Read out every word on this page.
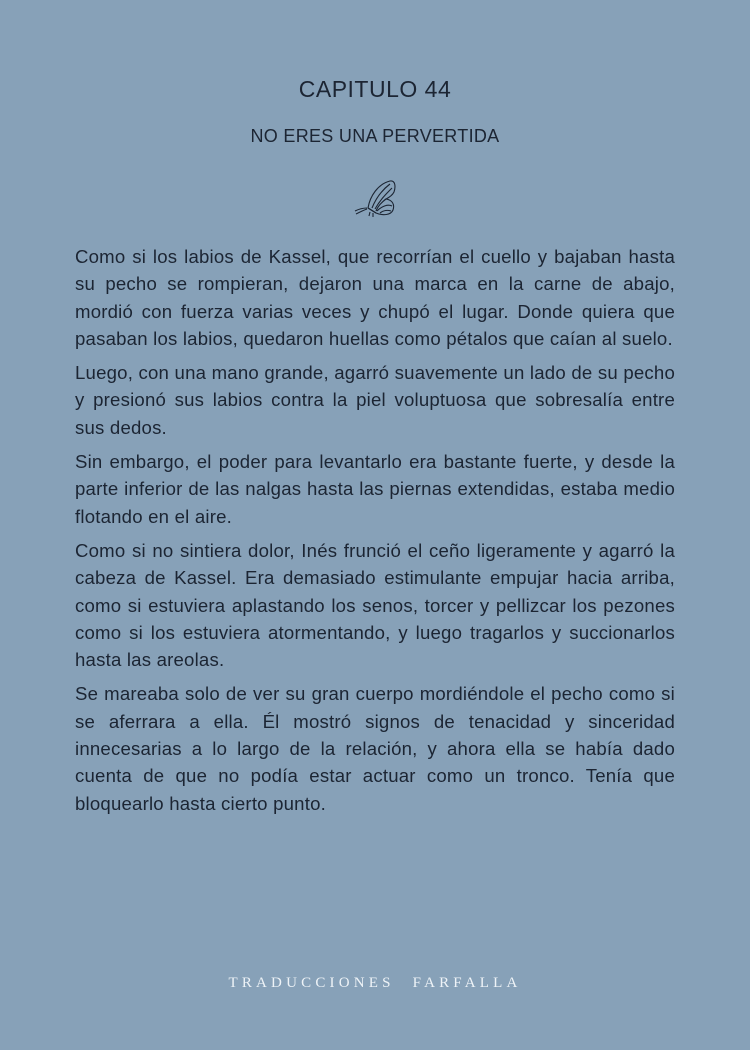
CAPITULO 44
NO ERES UNA PERVERTIDA

Como si los labios de Kassel, que recorrían el cuello y bajaban hasta su pecho se rompieran, dejaron una marca en la carne de abajo, mordió con fuerza varias veces y chupó el lugar. Donde quiera que pasaban los labios, quedaron huellas como pétalos que caían al suelo.

Luego, con una mano grande, agarró suavemente un lado de su pecho y presionó sus labios contra la piel voluptuosa que sobresalía entre sus dedos.

Sin embargo, el poder para levantarlo era bastante fuerte, y desde la parte inferior de las nalgas hasta las piernas extendidas, estaba medio flotando en el aire.

Como si no sintiera dolor, Inés frunció el ceño ligeramente y agarró la cabeza de Kassel. Era demasiado estimulante empujar hacia arriba, como si estuviera aplastando los senos, torcer y pellizcar los pezones como si los estuviera atormentando, y luego tragarlos y succionarlos hasta las areolas.

Se mareaba solo de ver su gran cuerpo mordiéndole el pecho como si se aferrara a ella. Él mostró signos de tenacidad y sinceridad innecesarias a lo largo de la relación, y ahora ella se había dado cuenta de que no podía estar actuar como un tronco. Tenía que bloquearlo hasta cierto punto.

TRADUCCIONES FARFALLA
